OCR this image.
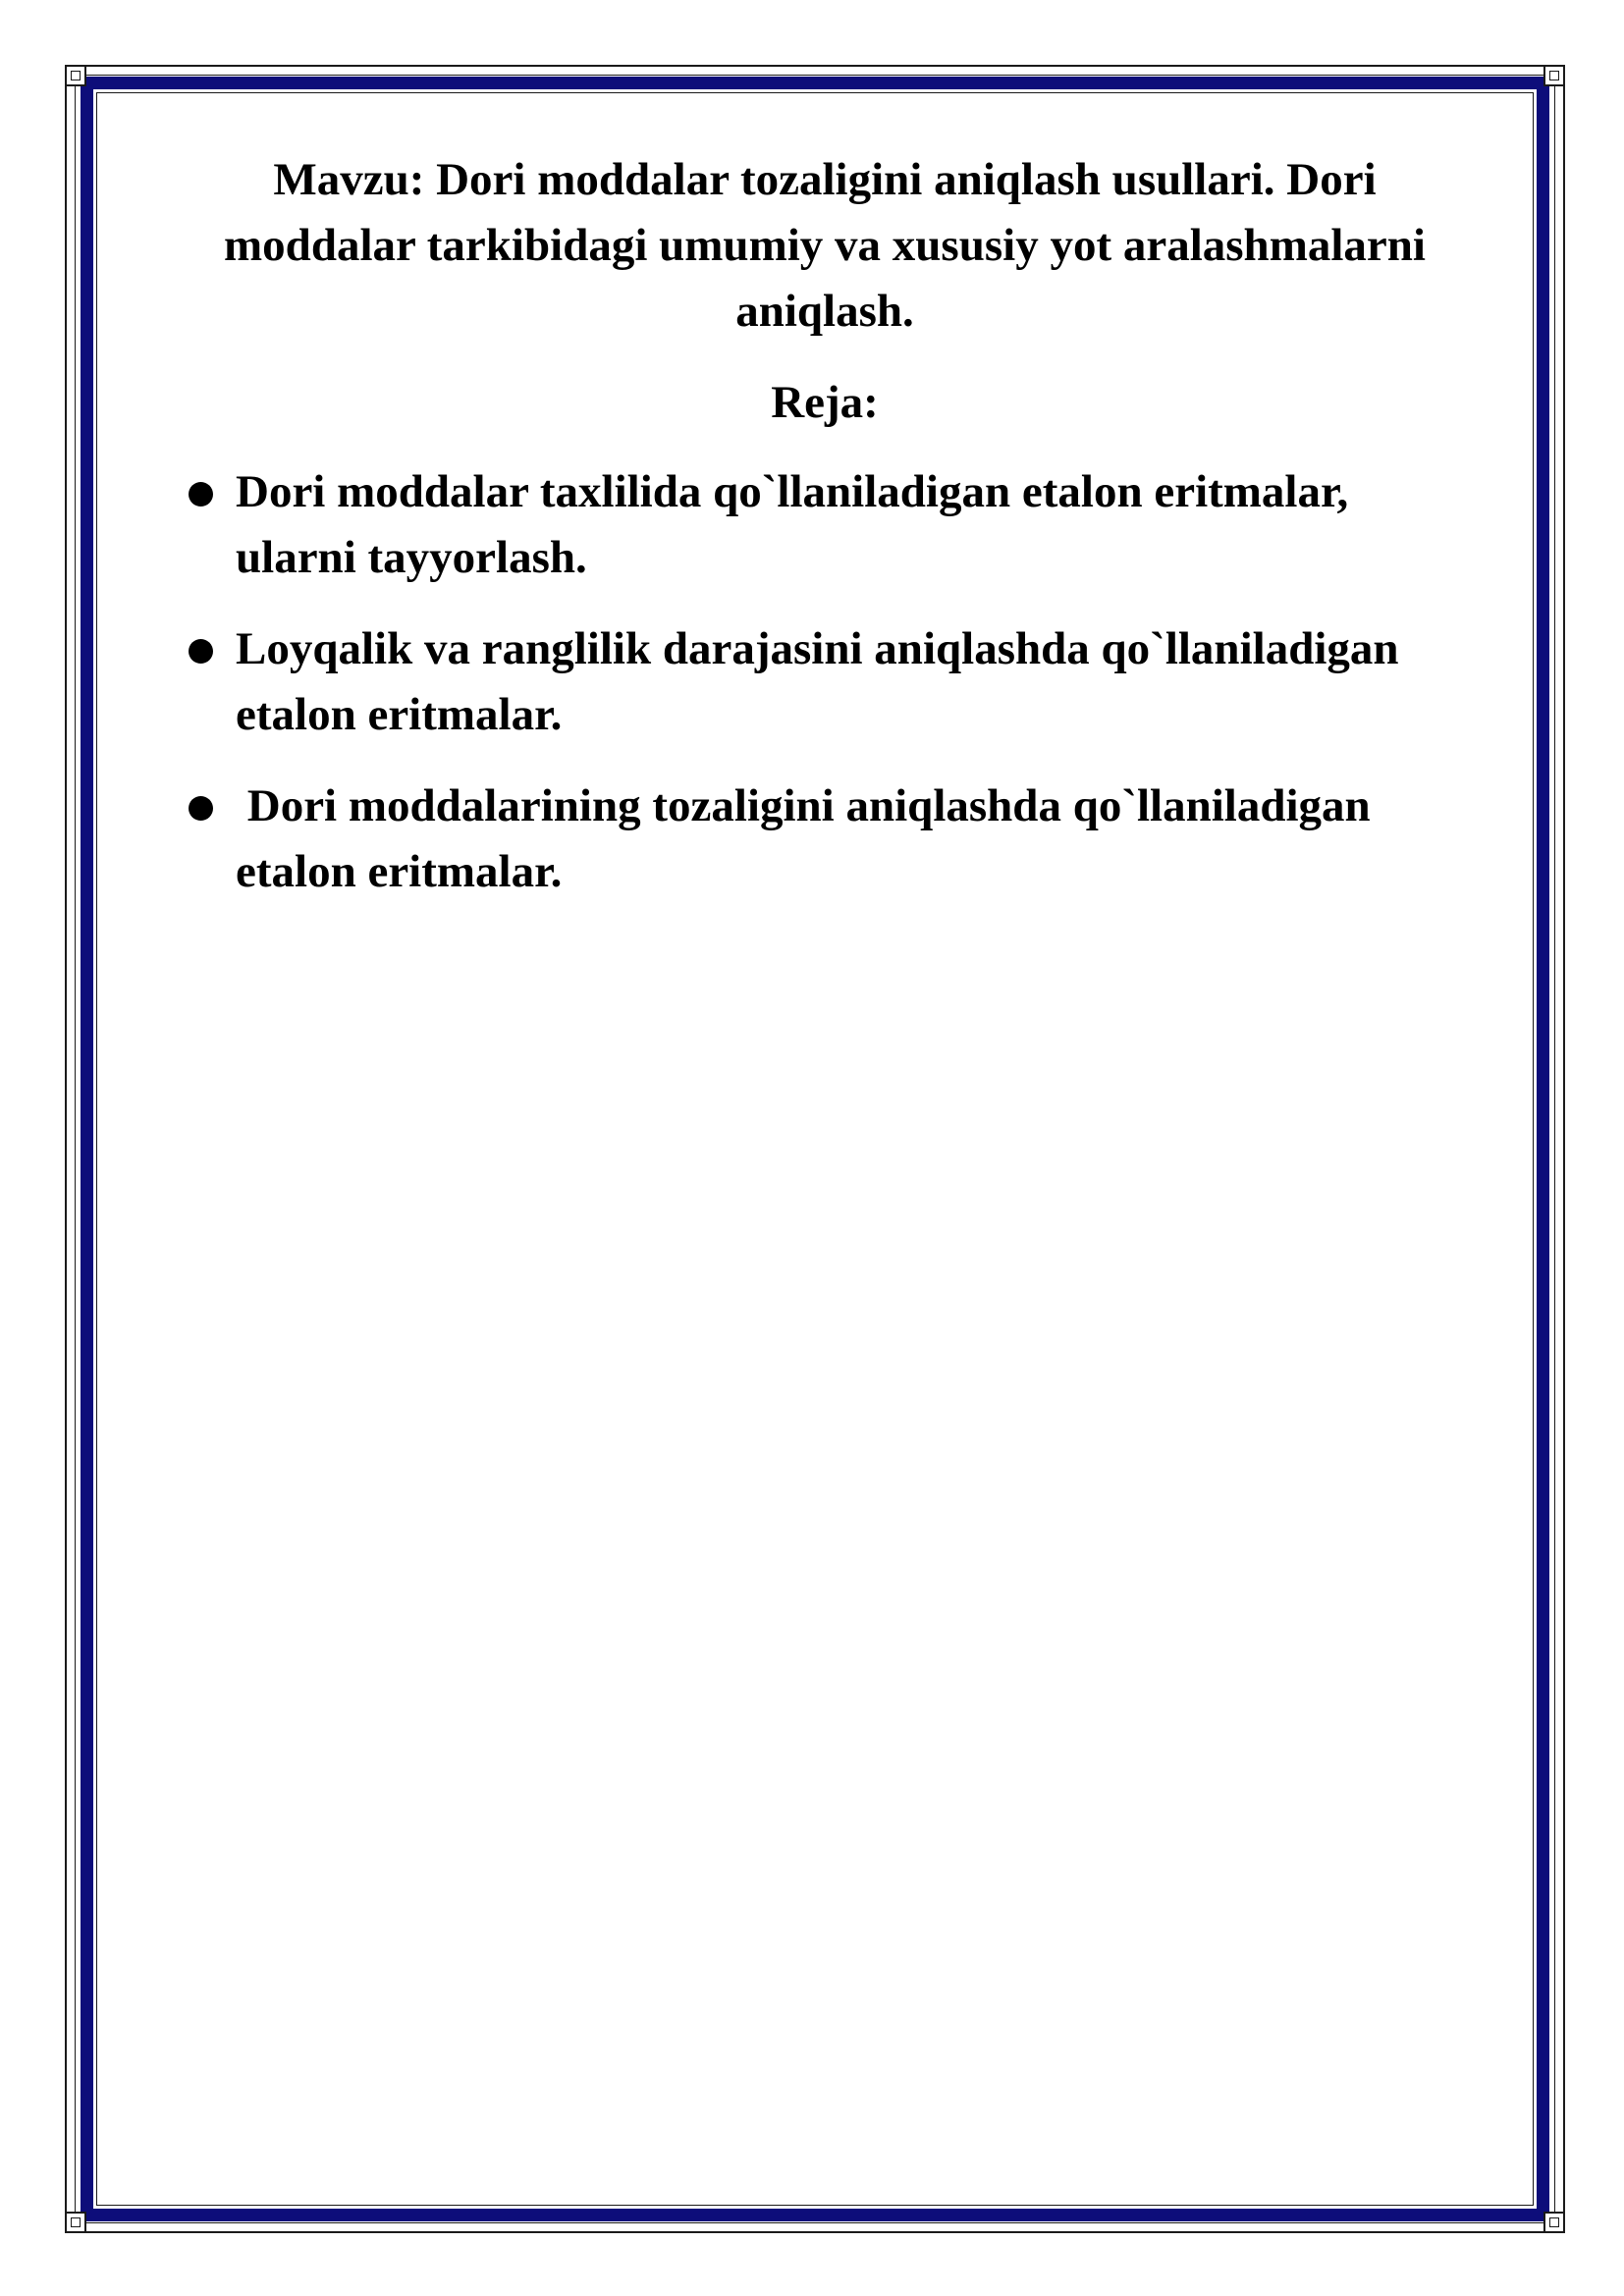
Mavzu: Dori moddalar tozaligini aniqlash usullari. Dori moddalar tarkibidagi umumiy va xususiy yot aralashmalarni aniqlash.

Reja:

Dori moddalar taxlilida qo`llaniladigan etalon eritmalar, ularni tayyorlash.
Loyqalik va ranglilik darajasini aniqlashda qo`llaniladigan etalon eritmalar.
Dori moddalarining tozaligini aniqlashda qo`llaniladigan etalon eritmalar.
